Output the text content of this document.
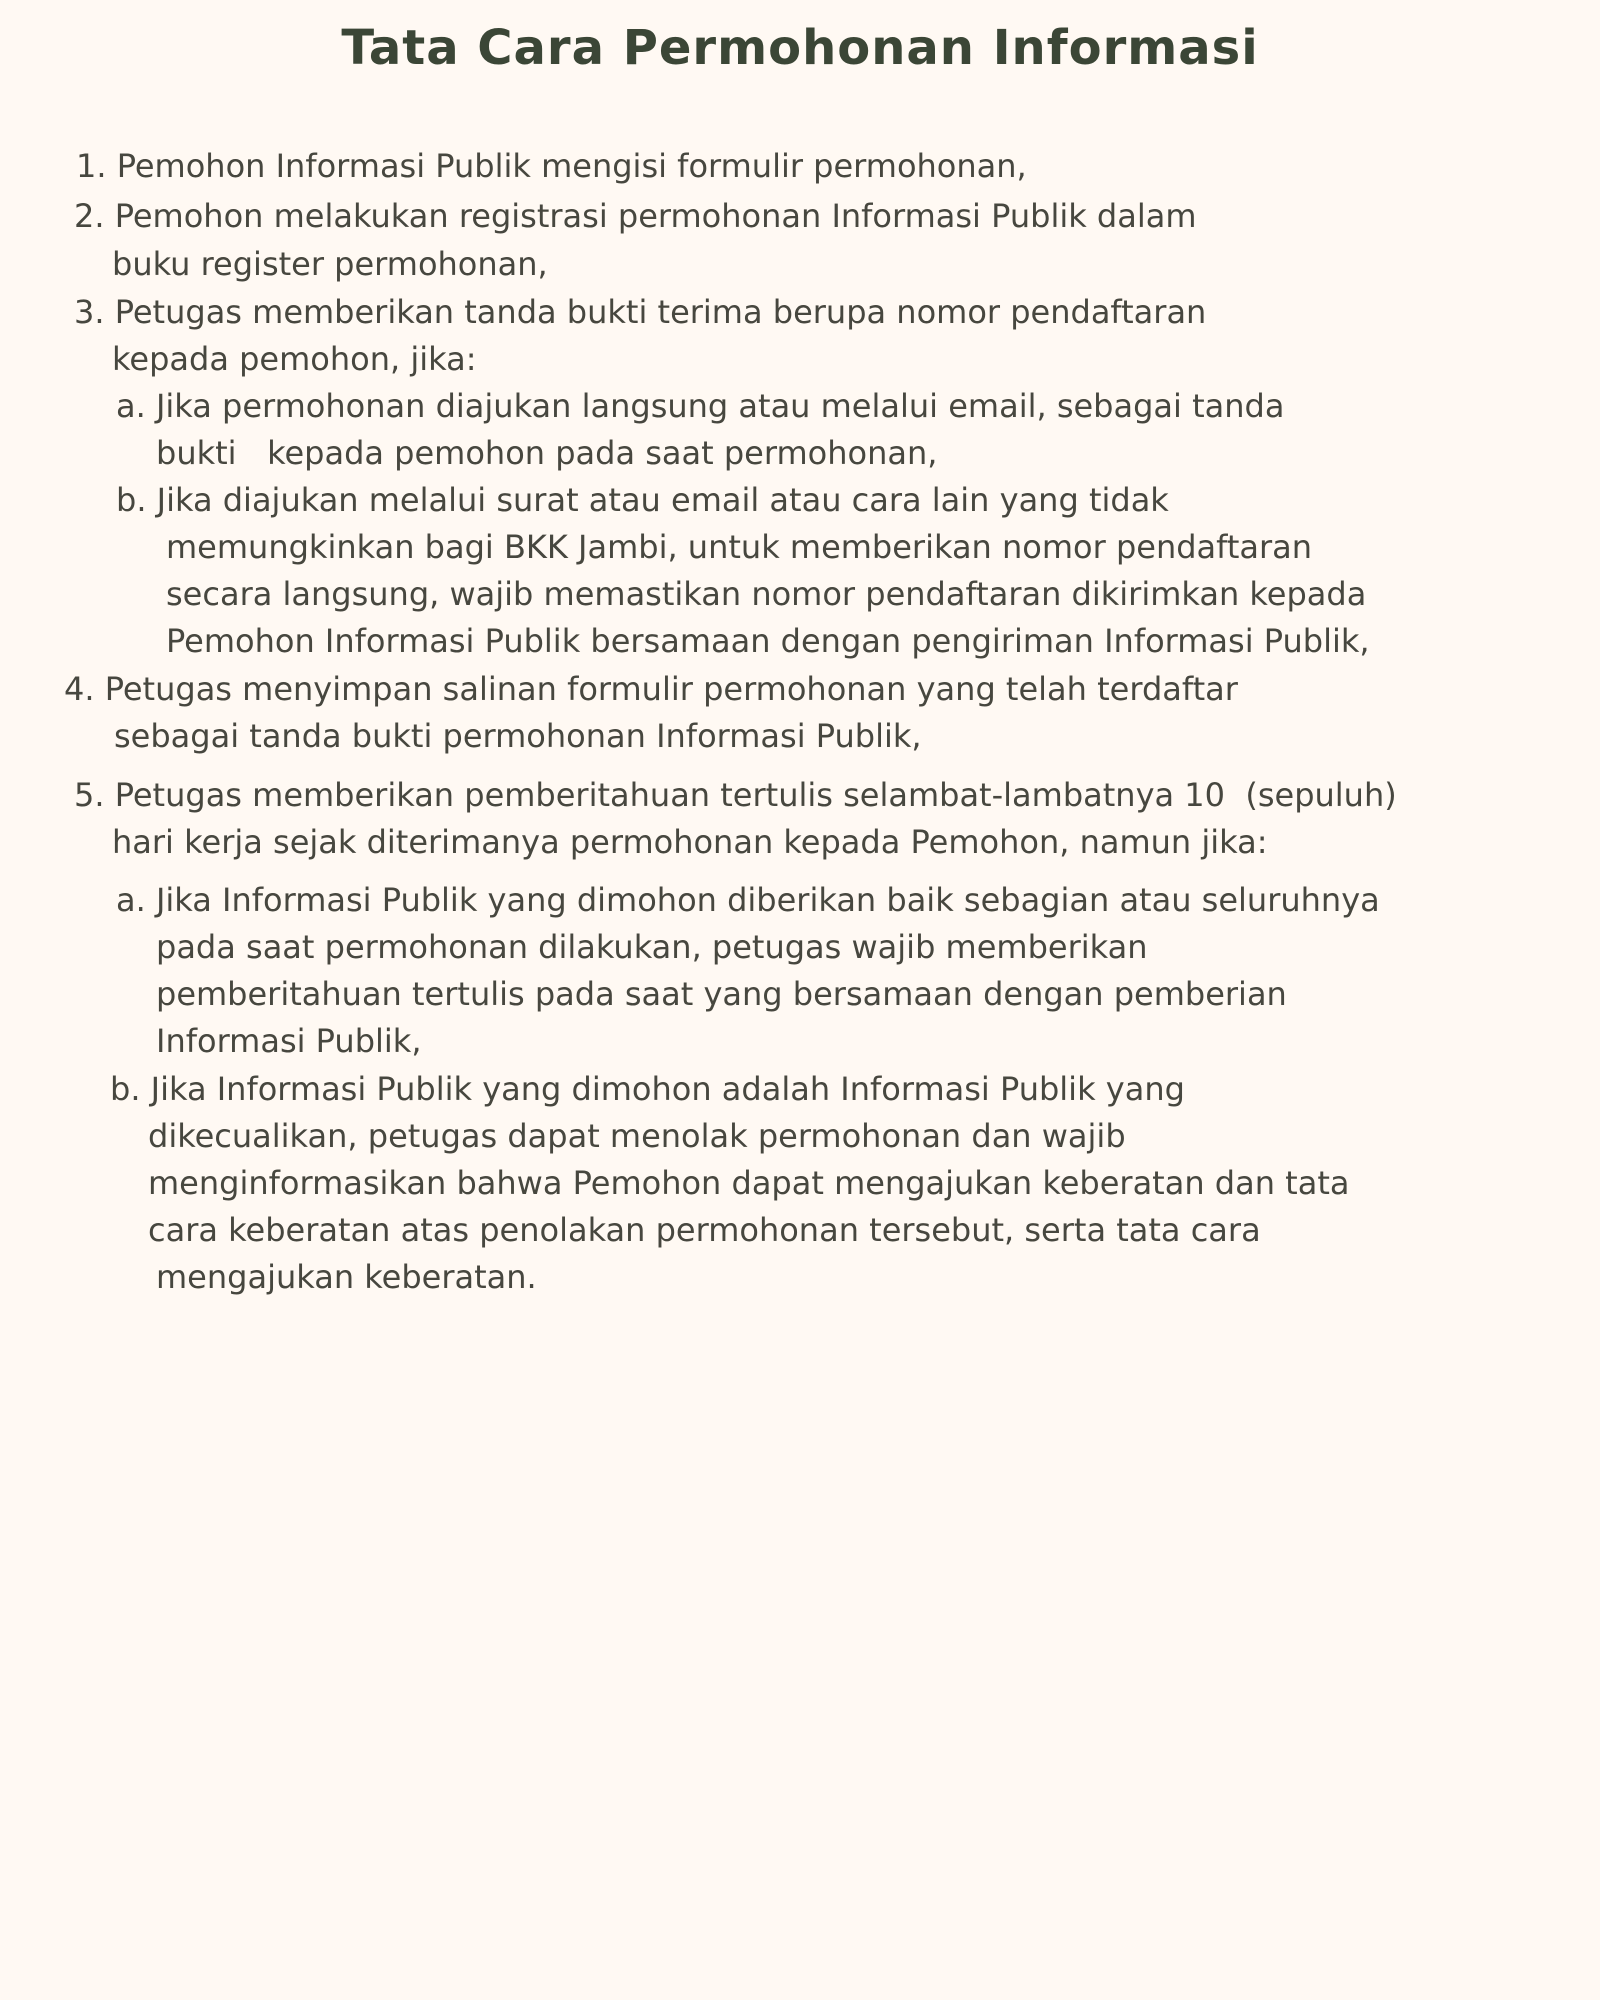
Tata Cara Permohonan Informasi
1. Pemohon Informasi Publik mengisi formulir permohonan,
2. Pemohon melakukan registrasi permohonan Informasi Publik dalam
buku register permohonan,
3. Petugas memberikan tanda bukti terima berupa nomor pendaftaran
kepada pemohon, jika:
a. Jika permohonan diajukan langsung atau melalui email, sebagai tanda
bukti   kepada pemohon pada saat permohonan,
b. Jika diajukan melalui surat atau email atau cara lain yang tidak
memungkinkan bagi BKK Jambi, untuk memberikan nomor pendaftaran
secara langsung, wajib memastikan nomor pendaftaran dikirimkan kepada
Pemohon Informasi Publik bersamaan dengan pengiriman Informasi Publik,
4. Petugas menyimpan salinan formulir permohonan yang telah terdaftar
sebagai tanda bukti permohonan Informasi Publik,
5. Petugas memberikan pemberitahuan tertulis selambat-lambatnya 10  (sepuluh)
hari kerja sejak diterimanya permohonan kepada Pemohon, namun jika:
a. Jika Informasi Publik yang dimohon diberikan baik sebagian atau seluruhnya
pada saat permohonan dilakukan, petugas wajib memberikan
pemberitahuan tertulis pada saat yang bersamaan dengan pemberian
Informasi Publik,
b. Jika Informasi Publik yang dimohon adalah Informasi Publik yang
dikecualikan, petugas dapat menolak permohonan dan wajib
menginformasikan bahwa Pemohon dapat mengajukan keberatan dan tata
cara keberatan atas penolakan permohonan tersebut, serta tata cara
mengajukan keberatan.
